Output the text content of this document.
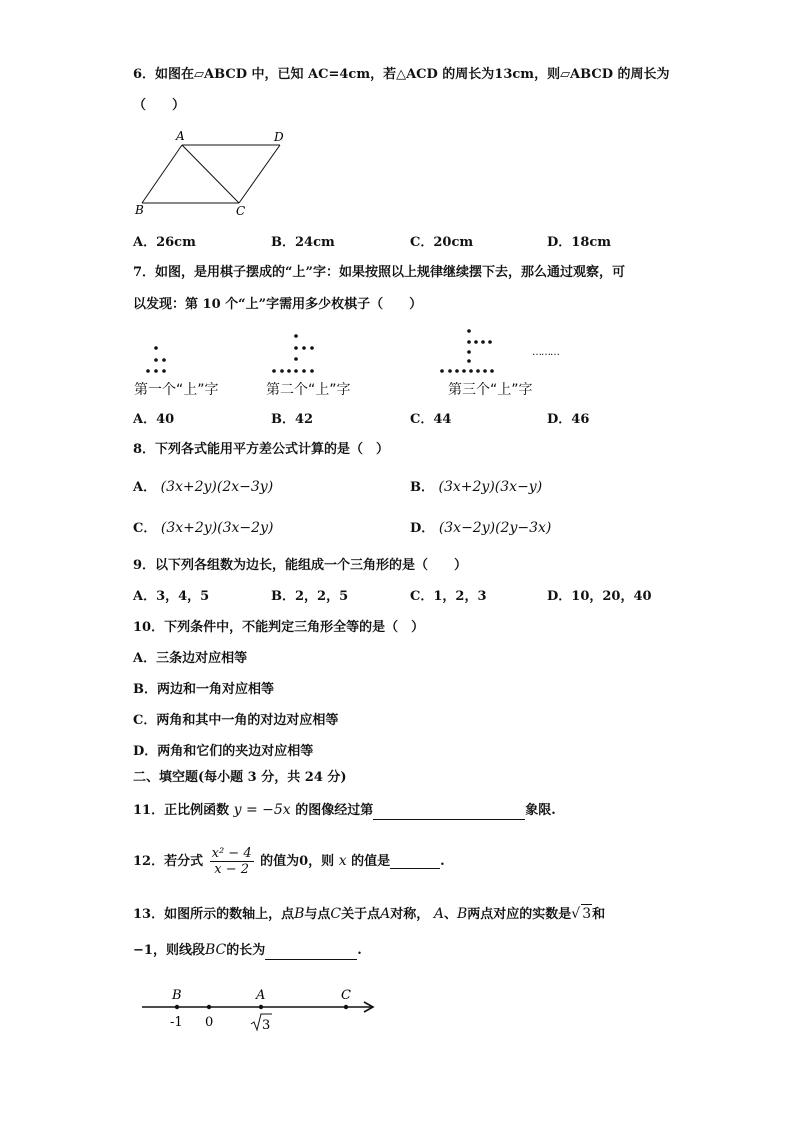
6．如图在▱ABCD 中，已知 AC=4cm，若△ACD 的周长为13cm，则▱ABCD 的周长为
（　　）
A	D
B	C
A．26cm	B．24cm	C．20cm	D．18cm
7．如图，是用棋子摆成的“上”字：如果按照以上规律继续摆下去，那么通过观察，可
以发现：第 10 个“上”字需用多少枚棋子（　　）
………
第一个“上”字	第二个“上”字	第三个“上”字
A．40	B．42	C．44	D．46
8．下列各式能用平方差公式计算的是（　）
A． (3x+2y)(2x−3y)	B． (3x+2y)(3x−y)
C． (3x+2y)(3x−2y)	D． (3x−2y)(2y−3x)
9．以下列各组数为边长，能组成一个三角形的是（　　）
A．3，4，5	B．2，2，5	C．1，2，3	D．10，20，40
10．下列条件中，不能判定三角形全等的是（　）
A．三条边对应相等
B．两边和一角对应相等
C．两角和其中一角的对边对应相等
D．两角和它们的夹边对应相等
二、填空题(每小题 3 分，共 24 分)
11．正比例函数 y = −5x 的图像经过第	象限.
12．若分式 $\frac{\text{x² − 4}}{x - 2}$ 的值为0，则 x 的值是	.
13．如图所示的数轴上，点B与点C关于点A对称， A、B两点对应的实数是√ 3和
−1，则线段BC的长为	.
B	A	C
-1 0	3
